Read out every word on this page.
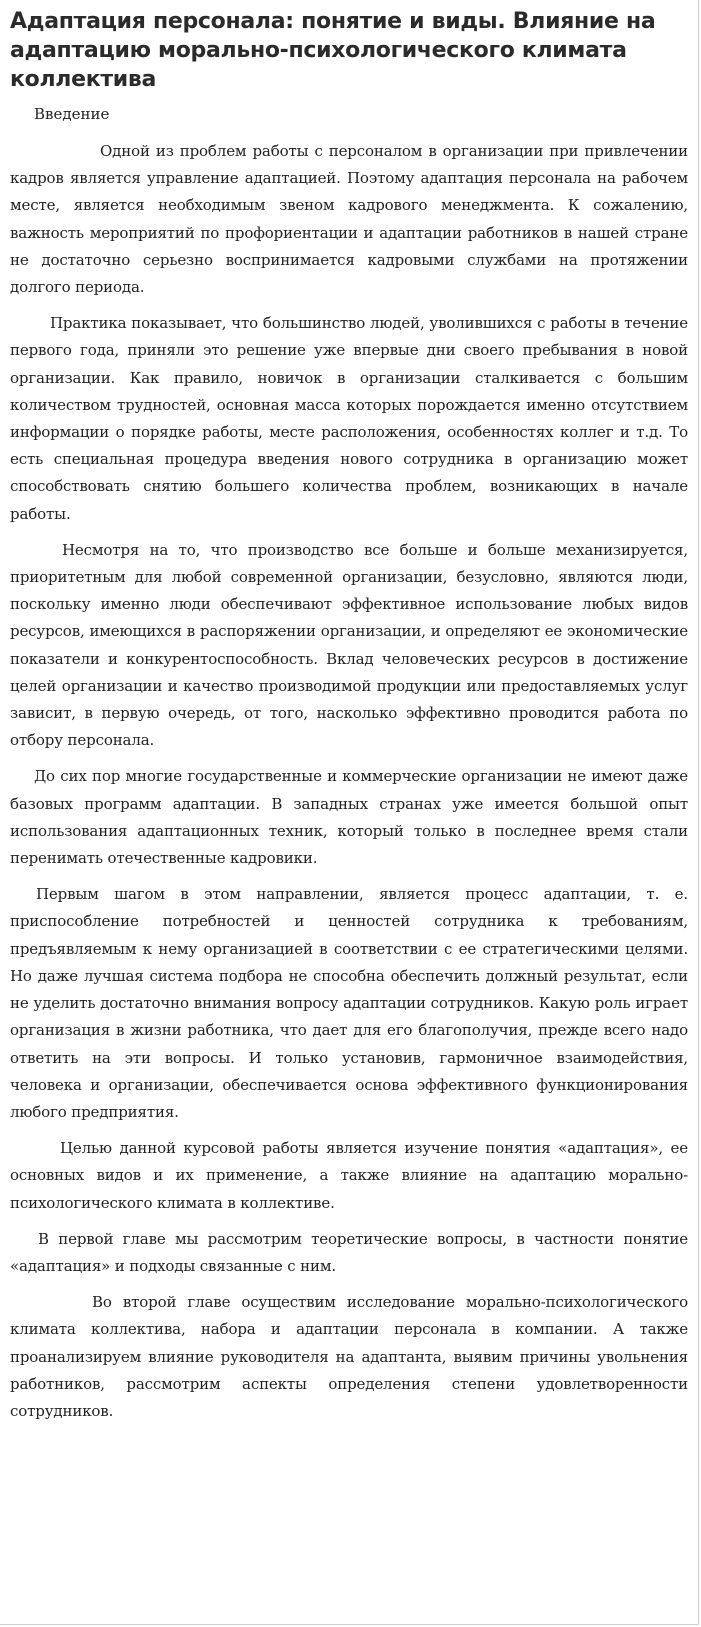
Адаптация персонала: понятие и виды. Влияние на адаптацию морально-психологического климата коллектива
Введение

Одной из проблем работы с персоналом в организации при привлечении кадров является управление адаптацией. Поэтому адаптация персонала на рабочем месте, является необходимым звеном кадрового менеджмента. К сожалению, важность мероприятий по профориентации и адаптации работников в нашей стране не достаточно серьезно воспринимается кадровыми службами на протяжении долгого периода.

Практика показывает, что большинство людей, уволившихся с работы в течение первого года, приняли это решение уже впервые дни своего пребывания в новой организации. Как правило, новичок в организации сталкивается с большим количеством трудностей, основная масса которых порождается именно отсутствием информации о порядке работы, месте расположения, особенностях коллег и т.д. То есть специальная процедура введения нового сотрудника в организацию может способствовать снятию большего количества проблем, возникающих в начале работы.

Несмотря на то, что производство все больше и больше механизируется, приоритетным для любой современной организации, безусловно, являются люди, поскольку именно люди обеспечивают эффективное использование любых видов ресурсов, имеющихся в распоряжении организации, и определяют ее экономические показатели и конкурентоспособность. Вклад человеческих ресурсов в достижение целей организации и качество производимой продукции или предоставляемых услуг зависит, в первую очередь, от того, насколько эффективно проводится работа по отбору персонала.

До сих пор многие государственные и коммерческие организации не имеют даже базовых программ адаптации. В западных странах уже имеется большой опыт использования адаптационных техник, который только в последнее время стали перенимать отечественные кадровики.

Первым шагом в этом направлении, является процесс адаптации, т. е. приспособление потребностей и ценностей сотрудника к требованиям, предъявляемым к нему организацией в соответствии с ее стратегическими целями. Но даже лучшая система подбора не способна обеспечить должный результат, если не уделить достаточно внимания вопросу адаптации сотрудников. Какую роль играет организация в жизни работника, что дает для его благополучия, прежде всего надо ответить на эти вопросы. И только установив, гармоничное взаимодействия, человека и организации, обеспечивается основа эффективного функционирования любого предприятия.

Целью данной курсовой работы является изучение понятия «адаптация», ее основных видов и их применение, а также влияние на адаптацию морально-психологического климата в коллективе.

В первой главе мы рассмотрим теоретические вопросы, в частности понятие «адаптация» и подходы связанные с ним.

Во второй главе осуществим исследование морально-психологического климата коллектива, набора и адаптации персонала в компании. А также проанализируем влияние руководителя на адаптанта, выявим причины увольнения работников, рассмотрим аспекты определения степени удовлетворенности сотрудников.
